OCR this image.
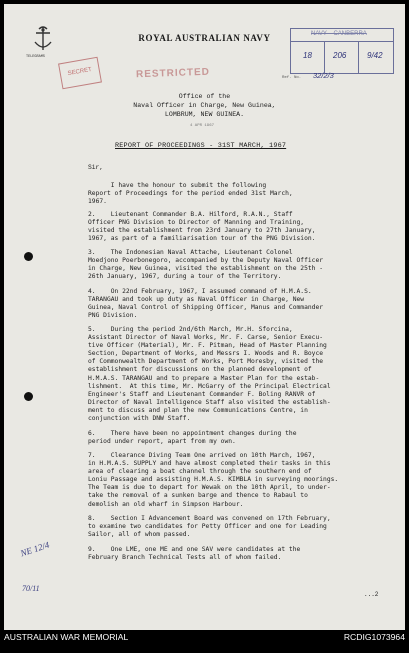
TELEGRAMS
ROYAL AUSTRALIAN NAVY	NAVY – CANBERRA
18	206	9/42
Ref. No. 32/2/3
SECRET	RESTRICTED
Office of the
Naval Officer in Charge, New Guinea,
LOMBRUM, NEW GUINEA.
4 APR 1967
REPORT OF PROCEEDINGS - 31ST MARCH, 1967
Sir,
I have the honour to submit the following
Report of Proceedings for the period ended 31st March,
1967.
2.    Lieutenant Commander B.A. Hilford, R.A.N., Staff
Officer PNG Division to Director of Manning and Training,
visited the establishment from 23rd January to 27th January,
1967, as part of a familiarisation tour of the PNG Division.
3.    The Indonesian Naval Attache, Lieutenant Colonel
Moedjono Poerbonegoro, accompanied by the Deputy Naval Officer
in Charge, New Guinea, visited the establishment on the 25th -
26th January, 1967, during a tour of the Territory.
4.    On 22nd February, 1967, I assumed command of H.M.A.S.
TARANGAU and took up duty as Naval Officer in Charge, New
Guinea, Naval Control of Shipping Officer, Manus and Commander
PNG Division.
5.    During the period 2nd/6th March, Mr.H. Sforcina,
Assistant Director of Naval Works, Mr. F. Carse, Senior Execu-
tive Officer (Material), Mr. F. Pitman, Head of Master Planning
Section, Department of Works, and Messrs I. Woods and R. Boyce
of Commonwealth Department of Works, Port Moresby, visited the
establishment for discussions on the planned development of
H.M.A.S. TARANGAU and to prepare a Master Plan for the estab-
lishment.  At this time, Mr. McGarry of the Principal Electrical
Engineer's Staff and Lieutenant Commander F. Boling RANVR of
Director of Naval Intelligence Staff also visited the establish-
ment to discuss and plan the new Communications Centre, in
conjunction with DNW Staff.
6.    There have been no appointment changes during the
period under report, apart from my own.
7.    Clearance Diving Team One arrived on 10th March, 1967,
in H.M.A.S. SUPPLY and have almost completed their tasks in this
area of clearing a boat channel through the southern end of
Loniu Passage and assisting H.M.A.S. KIMBLA in surveying moorings.
The Team is due to depart for Wewak on the 10th April, to under-
take the removal of a sunken barge and thence to Rabaul to
demolish an old wharf in Simpson Harbour.
8.    Section I Advancement Board was convened on 17th February,
to examine two candidates for Petty Officer and one for Leading
Sailor, all of whom passed.
9.    One LME, one ME and one SAV were candidates at the
February Branch Technical Tests all of whom failed.
NE 12/4
70/11
...2
AUSTRALIAN WAR MEMORIAL	RCDIG1073964
